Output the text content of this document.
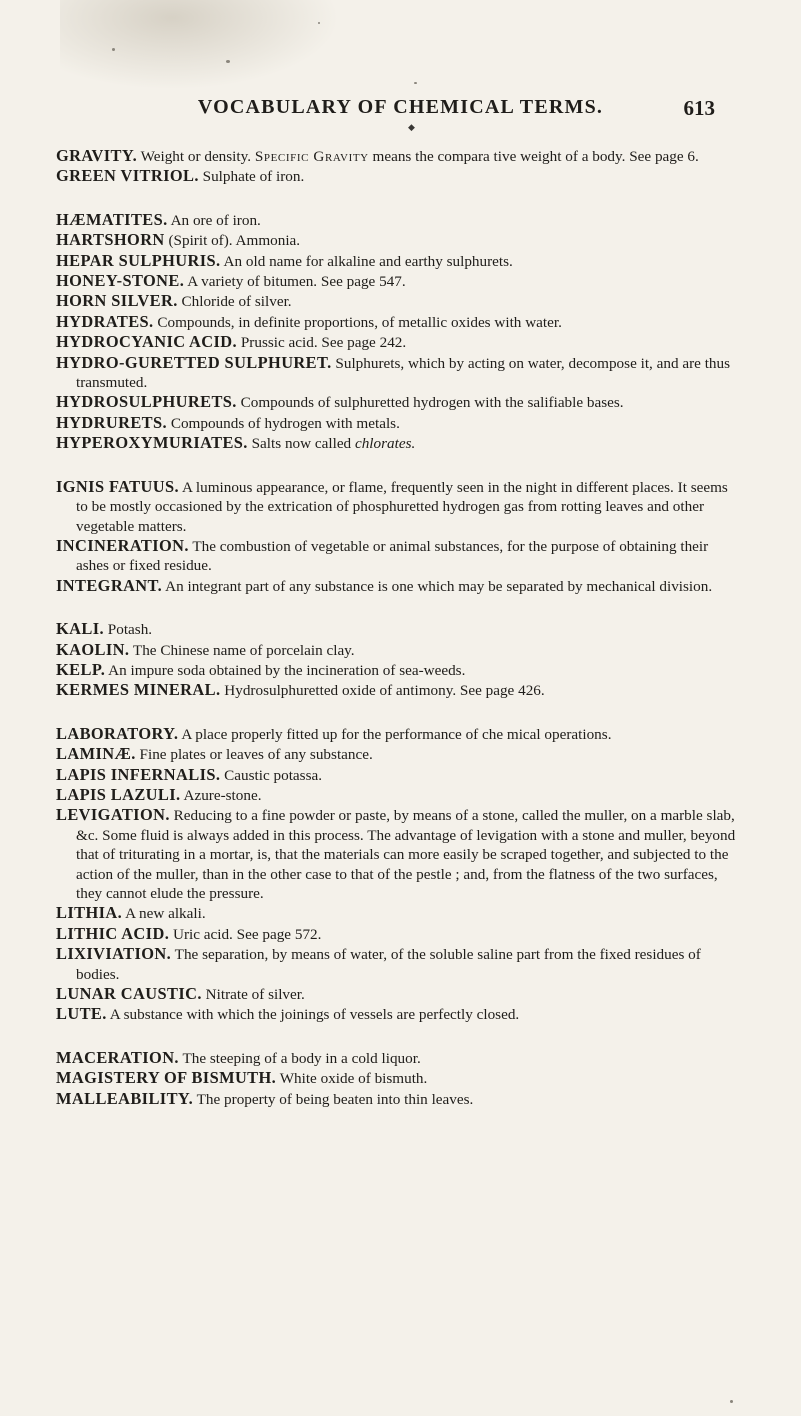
VOCABULARY OF CHEMICAL TERMS.	613
◆

GRAVITY. Weight or density. Specific Gravity means the compara tive weight of a body. See page 6.

GREEN VITRIOL. Sulphate of iron.

HÆMATITES. An ore of iron.

HARTSHORN (Spirit of). Ammonia.

HEPAR SULPHURIS. An old name for alkaline and earthy sulphurets.

HONEY-STONE. A variety of bitumen. See page 547.

HORN SILVER. Chloride of silver.

HYDRATES. Compounds, in definite proportions, of metallic oxides with water.

HYDROCYANIC ACID. Prussic acid. See page 242.

HYDRO-GURETTED SULPHURET. Sulphurets, which by acting on water, decompose it, and are thus transmuted.

HYDROSULPHURETS. Compounds of sulphuretted hydrogen with the salifiable bases.

HYDRURETS. Compounds of hydrogen with metals.

HYPEROXYMURIATES. Salts now called chlorates.

IGNIS FATUUS. A luminous appearance, or flame, frequently seen in the night in different places. It seems to be mostly occasioned by the extrication of phosphuretted hydrogen gas from rotting leaves and other vegetable matters.

INCINERATION. The combustion of vegetable or animal substances, for the purpose of obtaining their ashes or fixed residue.

INTEGRANT. An integrant part of any substance is one which may be separated by mechanical division.

KALI. Potash.

KAOLIN. The Chinese name of porcelain clay.

KELP. An impure soda obtained by the incineration of sea-weeds.

KERMES MINERAL. Hydrosulphuretted oxide of antimony. See page 426.

LABORATORY. A place properly fitted up for the performance of che mical operations.

LAMINÆ. Fine plates or leaves of any substance.

LAPIS INFERNALIS. Caustic potassa.

LAPIS LAZULI. Azure-stone.

LEVIGATION. Reducing to a fine powder or paste, by means of a stone, called the muller, on a marble slab, &c. Some fluid is always added in this process. The advantage of levigation with a stone and muller, beyond that of triturating in a mortar, is, that the materials can more easily be scraped together, and subjected to the action of the muller, than in the other case to that of the pestle ; and, from the flatness of the two surfaces, they cannot elude the pressure.

LITHIA. A new alkali.

LITHIC ACID. Uric acid. See page 572.

LIXIVIATION. The separation, by means of water, of the soluble saline part from the fixed residues of bodies.

LUNAR CAUSTIC. Nitrate of silver.

LUTE. A substance with which the joinings of vessels are perfectly closed.

MACERATION. The steeping of a body in a cold liquor.

MAGISTERY OF BISMUTH. White oxide of bismuth.

MALLEABILITY. The property of being beaten into thin leaves.
